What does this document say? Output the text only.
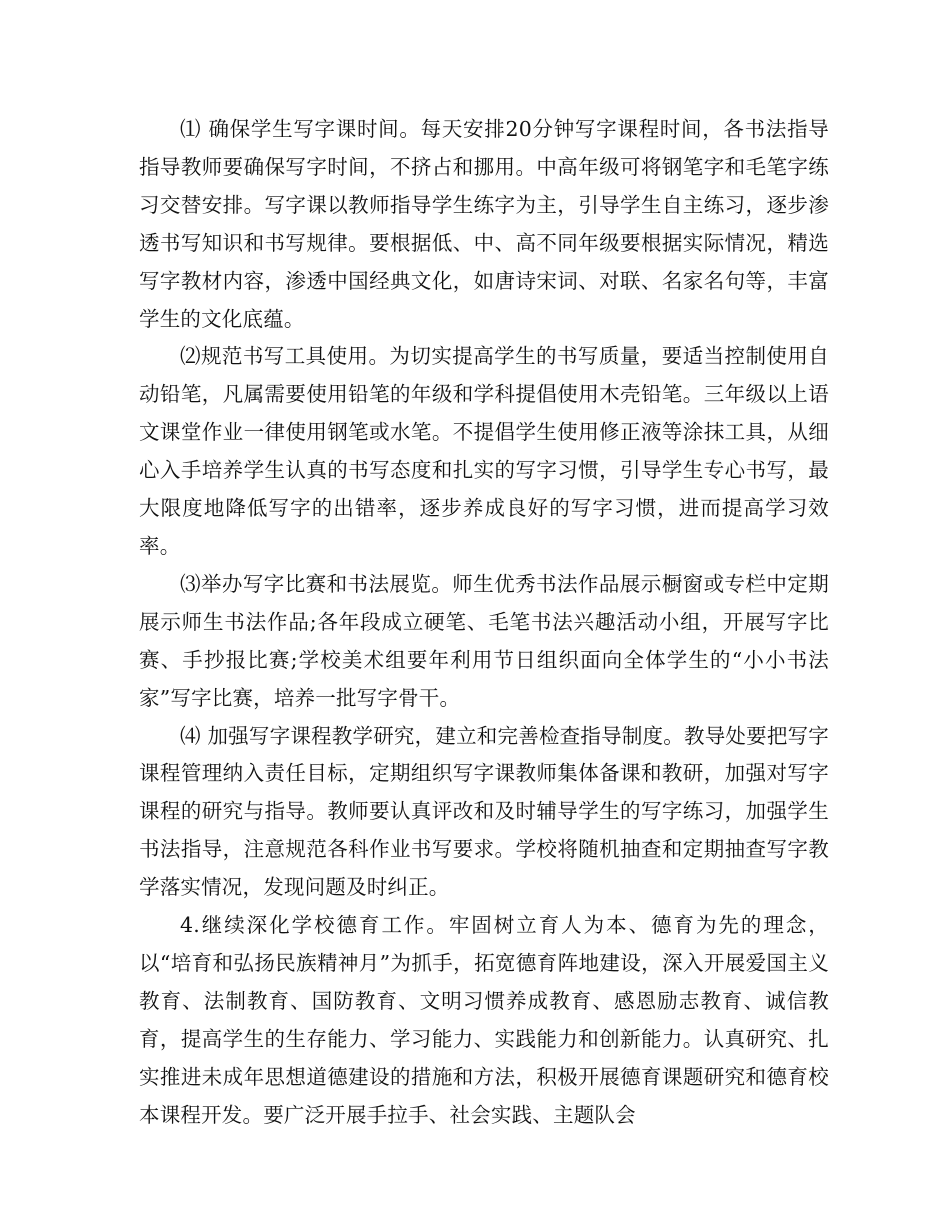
⑴ 确保学生写字课时间。每天安排20分钟写字课程时间，各书法指导指导教师要确保写字时间，不挤占和挪用。中高年级可将钢笔字和毛笔字练习交替安排。写字课以教师指导学生练字为主，引导学生自主练习，逐步渗透书写知识和书写规律。要根据低、中、高不同年级要根据实际情况，精选写字教材内容，渗透中国经典文化，如唐诗宋词、对联、名家名句等，丰富学生的文化底蕴。

⑵规范书写工具使用。为切实提高学生的书写质量，要适当控制使用自动铅笔，凡属需要使用铅笔的年级和学科提倡使用木壳铅笔。三年级以上语文课堂作业一律使用钢笔或水笔。不提倡学生使用修正液等涂抹工具，从细心入手培养学生认真的书写态度和扎实的写字习惯，引导学生专心书写，最大限度地降低写字的出错率，逐步养成良好的写字习惯，进而提高学习效率。

⑶举办写字比赛和书法展览。师生优秀书法作品展示橱窗或专栏中定期展示师生书法作品;各年段成立硬笔、毛笔书法兴趣活动小组，开展写字比赛、手抄报比赛;学校美术组要年利用节日组织面向全体学生的“小小书法家”写字比赛，培养一批写字骨干。

⑷ 加强写字课程教学研究，建立和完善检查指导制度。教导处要把写字课程管理纳入责任目标，定期组织写字课教师集体备课和教研，加强对写字课程的研究与指导。教师要认真评改和及时辅导学生的写字练习，加强学生书法指导，注意规范各科作业书写要求。学校将随机抽查和定期抽查写字教学落实情况，发现问题及时纠正。

4.继续深化学校德育工作。牢固树立育人为本、德育为先的理念，以“培育和弘扬民族精神月”为抓手，拓宽德育阵地建设，深入开展爱国主义教育、法制教育、国防教育、文明习惯养成教育、感恩励志教育、诚信教育，提高学生的生存能力、学习能力、实践能力和创新能力。认真研究、扎实推进未成年思想道德建设的措施和方法，积极开展德育课题研究和德育校本课程开发。要广泛开展手拉手、社会实践、主题队会
